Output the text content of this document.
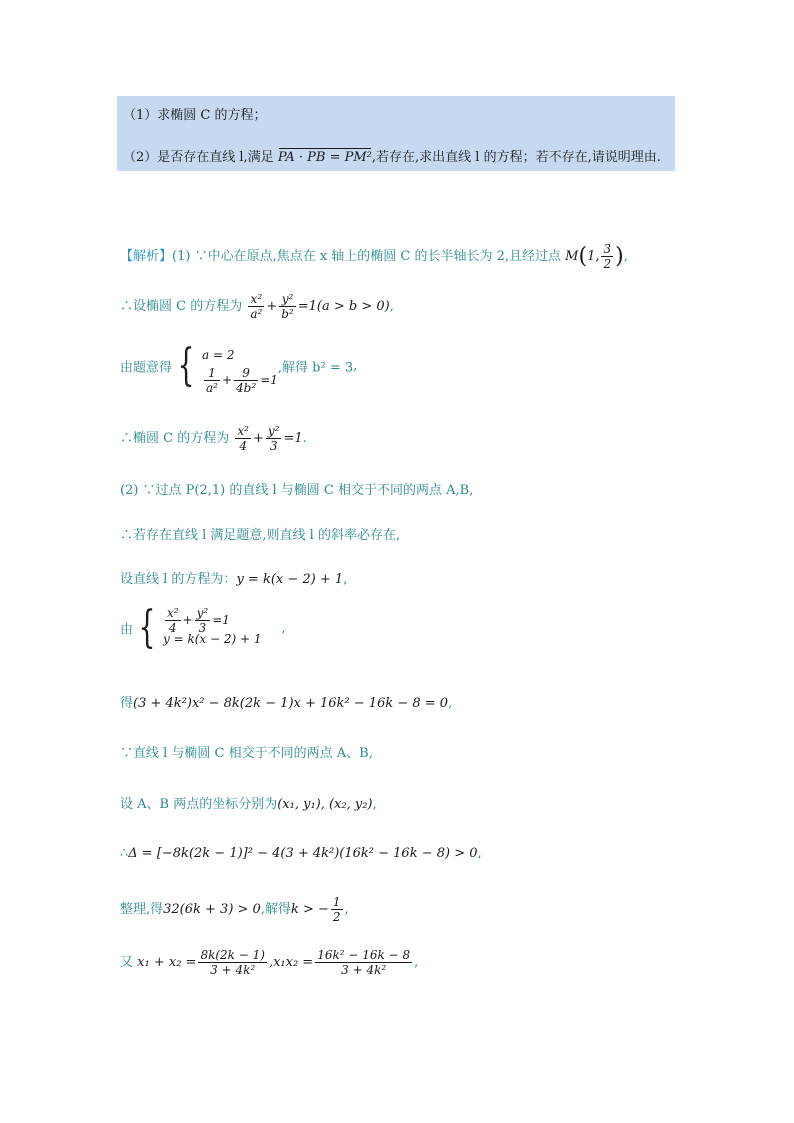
（1）求椭圆 C 的方程；
（2）是否存在直线 l,满足 PA · PB = PM²,若存在,求出直线 l 的方程；若不存在,请说明理由.
【解析】(1) ∵中心在原点,焦点在 x 轴上的椭圆 C 的长半轴长为 2,且经过点 M(1, $\frac{3}{2}$ ),
∴设椭圆 C 的方程为 $\frac{\text{x²}}{\text{a²}} + \frac{\text{y²}}{\text{b²}} =1(a > b > 0)$,
由题意得 { a = 2
$\frac{1}{\text{a²}} + \frac{9}{\text{4b²}} =1$
,解得 b² = 3,
∴椭圆 C 的方程为 $\frac{\text{x²}}{4} + \frac{\text{y²}}{3} =1$.
(2) ∵过点 P(2,1) 的直线 l 与椭圆 C 相交于不同的两点 A,B,
∴若存在直线 l 满足题意,则直线 l 的斜率必存在,
设直线 l 的方程为：y = k(x − 2) + 1,
由 { $\frac{\text{x²}}{4} + \frac{\text{y²}}{3} =1$
y = k(x − 2) + 1
,
得(3 + 4k²)x² − 8k(2k − 1)x + 16k² − 16k − 8 = 0,
∵直线 l 与椭圆 C 相交于不同的两点 A、B,
设 A、B 两点的坐标分别为(x₁, y₁), (x₂, y₂),
∴Δ = [−8k(2k − 1)]² − 4(3 + 4k²)(16k² − 16k − 8) > 0,
整理,得32(6k + 3) > 0,解得k > − $\frac{1}{2}$ ,
又 $x_1 + x_2 = \frac{8k(2k - 1)}{\text{3 + 4k²}} ,x_1x_2 = \frac{\text{16k² − 16k − 8}}{\text{3 + 4k²}}$ ,
